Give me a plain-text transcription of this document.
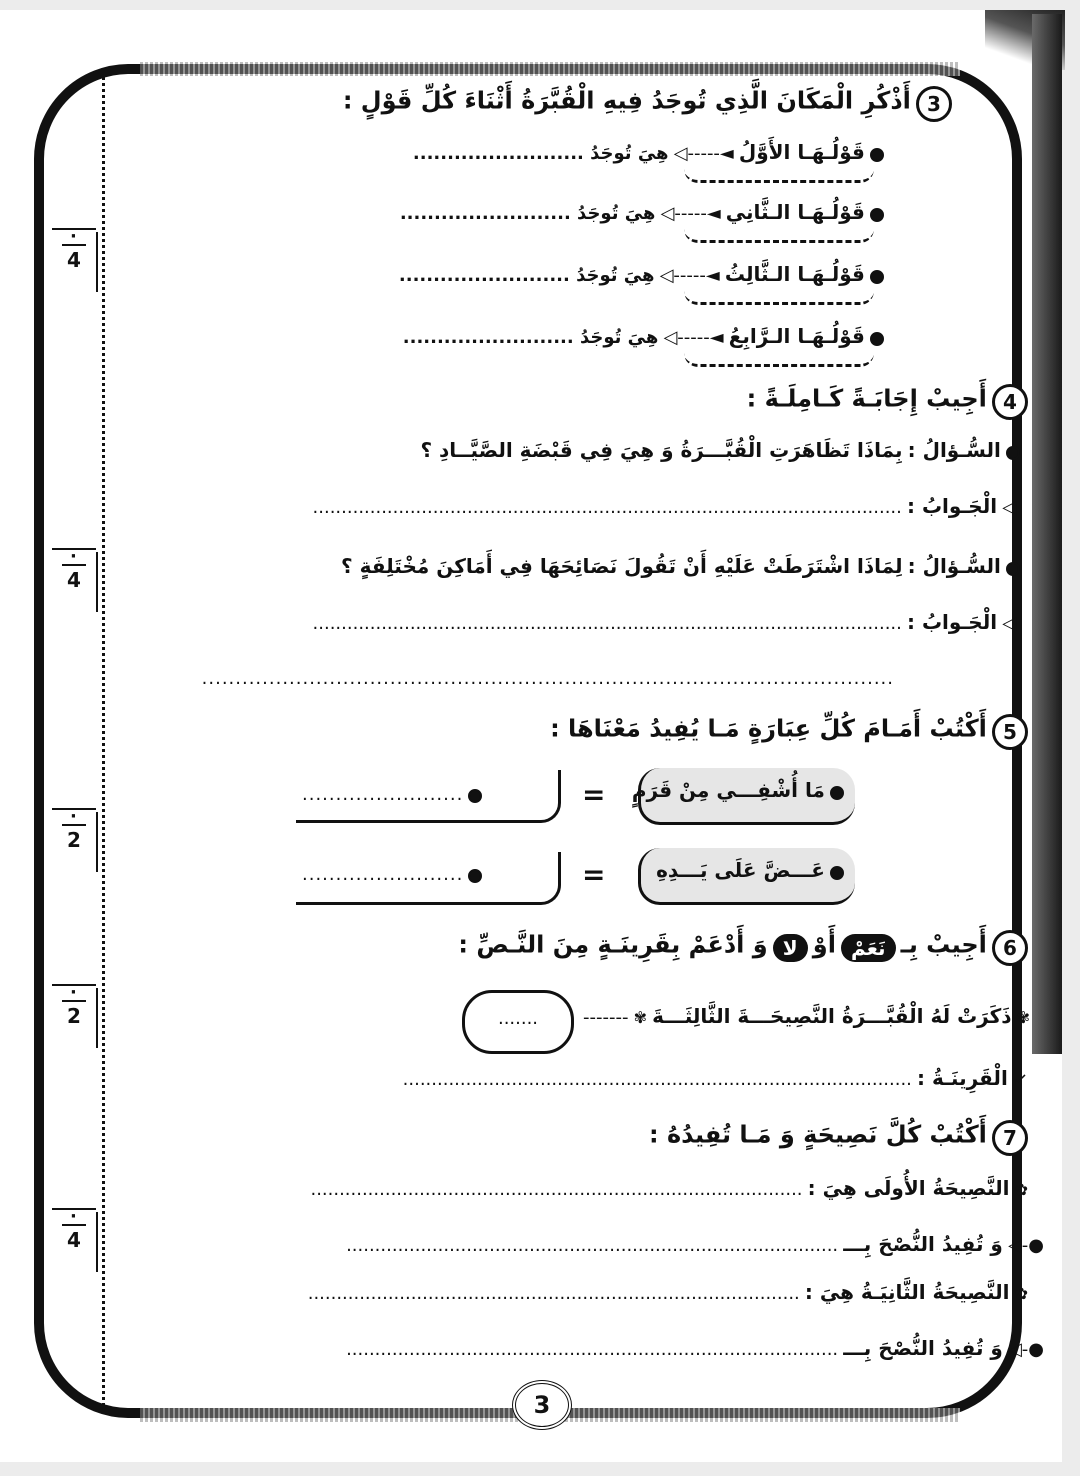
·
4
·
4
·
2
·
2
·
4
3 أَذْكُرِ الْمَكَانَ الَّذِي تُوجَدُ فِيهِ الْقُبَّرَةُ أَثْنَاءَ كُلِّ قَوْلٍ :
قَوْلُـهَـا الأَوَّلُ ◄-----◁ هِيَ تُوجَدُ .........................
قَوْلُـهَـا الـثَّانِي ◄-----◁ هِيَ تُوجَدُ .........................
قَوْلُـهَـا الـثَّالِثُ ◄-----◁ هِيَ تُوجَدُ .........................
قَوْلُـهَـا الـرَّابِعُ ◄-----◁ هِيَ تُوجَدُ .........................
4 أَجِيبْ إِجَابَـةً كَـامِلَـةً :
السُّـؤالُ : بِمَاذَا تَظَاهَرَتِ الْقُبَّـــرَةُ وَ هِيَ فِي قَبْضَةِ الصَّيَّــادِ ؟
◁ الْجَـوابُ : .......................................................................................................
السُّـؤالُ : لِمَاذَا اشْتَرَطَتْ عَلَيْهِ أَنْ تَقُولَ نَصَائِحَهَا فِي أَمَاكِنَ مُخْتَلِفَةٍ ؟
◁ الْجَـوابُ : .......................................................................................................
.......................................................................................................
5 أَكْتُبْ أَمَـامَ كُلِّ عِبَارَةٍ مَـا يُفِيدُ مَعْنَاهَا :
مَا أُشْفِـــي مِنْ قَرَمٍ
=
........................
عَـــضَّ عَلَى يَـــدِهِ
=
........................
6 أَجِيبْ بِـ نَعَمْ أَوْ لا وَ أَدْعَمْ بِقَرِينَـةٍ مِنَ النَّـصِّ :
✾ ذَكَرَتْ لَهُ الْقُبَّـــرَةُ النَّصِيحَـــةَ الثَّالِثَـــةَ ✾ -------
.......
↙ الْقَرِينَـةُ : .........................................................................................
7 أَكْتُبْ كُلَّ نَصِيحَةٍ وَ مَـا تُفِيدُهُ :
✿ النَّصِيحَةُ الأُولَى هِيَ : ......................................................................................
●-◁ وَ تُفِيدُ النُّصْحَ بِـــ ......................................................................................
✿ النَّصِيحَةُ الثَّانِيَـةُ هِيَ : ......................................................................................
●-◁ وَ تُفِيدُ النُّصْحَ بِـــ ......................................................................................
3
